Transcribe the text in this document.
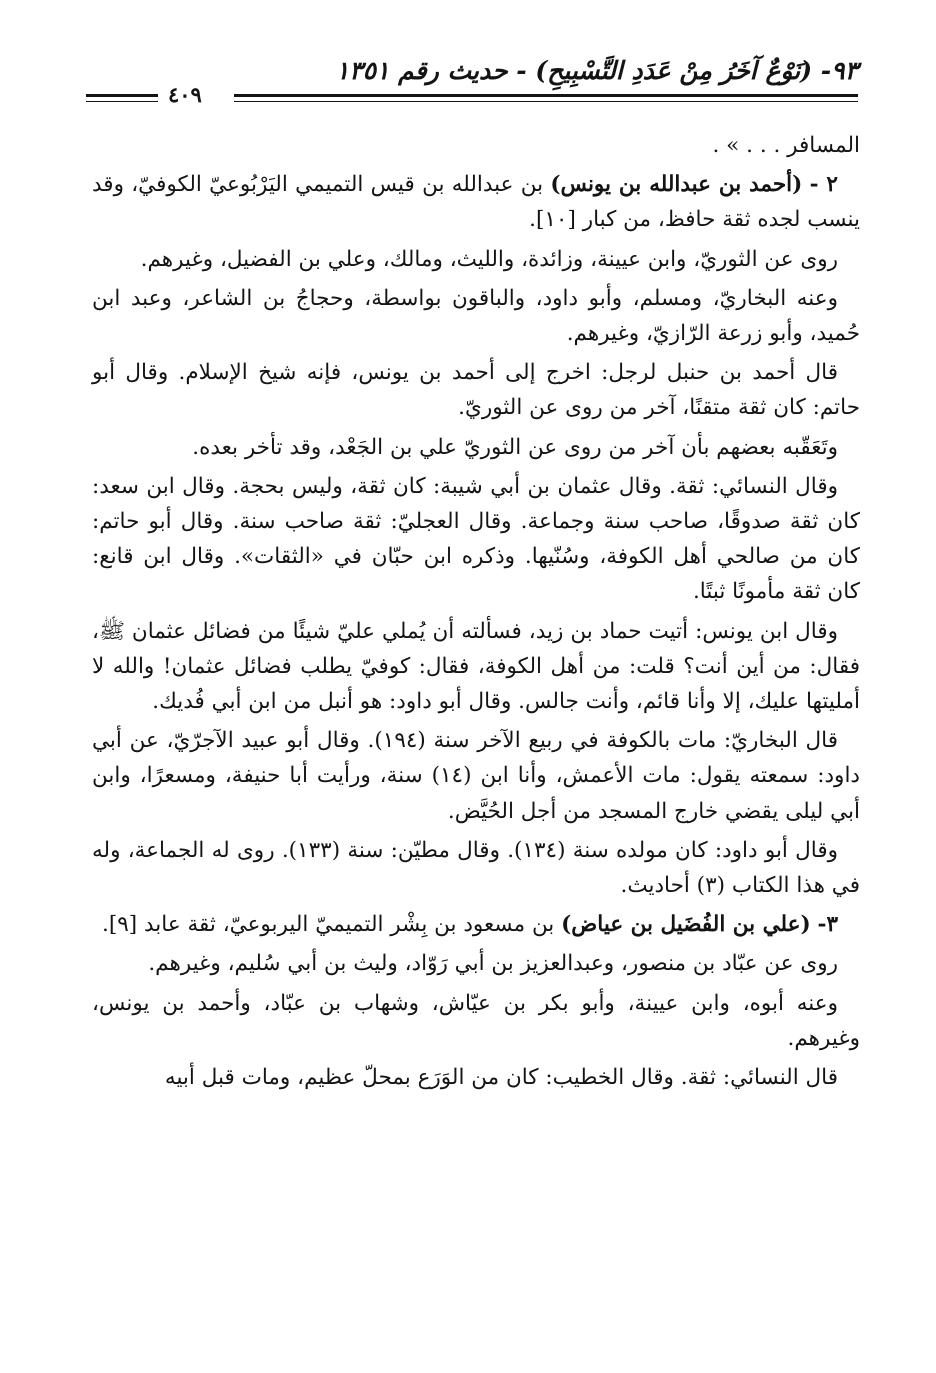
٩٣- (نَوْعٌ آخَرُ مِنْ عَدَدِ التَّسْبِيحِ) - حديث رقم ١٣٥١
٤٠٩

المسافر . . . » .

٢ - (أحمد بن عبدالله بن يونس) بن عبدالله بن قيس التميمي اليَرْبُوعيّ الكوفيّ، وقد ينسب لجده ثقة حافظ، من كبار [١٠].

روى عن الثوريّ، وابن عيينة، وزائدة، والليث، ومالك، وعلي بن الفضيل، وغيرهم.

وعنه البخاريّ، ومسلم، وأبو داود، والباقون بواسطة، وحجاجُ بن الشاعر، وعبد ابن حُميد، وأبو زرعة الرّازيّ، وغيرهم.

قال أحمد بن حنبل لرجل: اخرج إلى أحمد بن يونس، فإنه شيخ الإسلام. وقال أبو حاتم: كان ثقة متقنًا، آخر من روى عن الثوريّ.

وتَعَقّبه بعضهم بأن آخر من روى عن الثوريّ علي بن الجَعْد، وقد تأخر بعده.

وقال النسائي: ثقة. وقال عثمان بن أبي شيبة: كان ثقة، وليس بحجة. وقال ابن سعد: كان ثقة صدوقًا، صاحب سنة وجماعة. وقال العجليّ: ثقة صاحب سنة. وقال أبو حاتم: كان من صالحي أهل الكوفة، وسُنّيها. وذكره ابن حبّان في «الثقات». وقال ابن قانع: كان ثقة مأمونًا ثبتًا.

وقال ابن يونس: أتيت حماد بن زيد، فسألته أن يُملي عليّ شيئًا من فضائل عثمان ﷺ، فقال: من أين أنت؟ قلت: من أهل الكوفة، فقال: كوفيّ يطلب فضائل عثمان! والله لا أمليتها عليك، إلا وأنا قائم، وأنت جالس. وقال أبو داود: هو أنبل من ابن أبي فُديك.

قال البخاريّ: مات بالكوفة في ربيع الآخر سنة (١٩٤). وقال أبو عبيد الآجرّيّ، عن أبي داود: سمعته يقول: مات الأعمش، وأنا ابن (١٤) سنة، ورأيت أبا حنيفة، ومسعرًا، وابن أبي ليلى يقضي خارج المسجد من أجل الحُيَّض.

وقال أبو داود: كان مولده سنة (١٣٤). وقال مطيّن: سنة (١٣٣). روى له الجماعة، وله في هذا الكتاب (٣) أحاديث.

٣- (علي بن الفُضَيل بن عياض) بن مسعود بن بِشْر التميميّ اليربوعيّ، ثقة عابد [٩].

روى عن عبّاد بن منصور، وعبدالعزيز بن أبي رَوّاد، وليث بن أبي سُليم، وغيرهم.

وعنه أبوه، وابن عيينة، وأبو بكر بن عيّاش، وشهاب بن عبّاد، وأحمد بن يونس، وغيرهم.

قال النسائي: ثقة. وقال الخطيب: كان من الوَرَع بمحلّ عظيم، ومات قبل أبيه
